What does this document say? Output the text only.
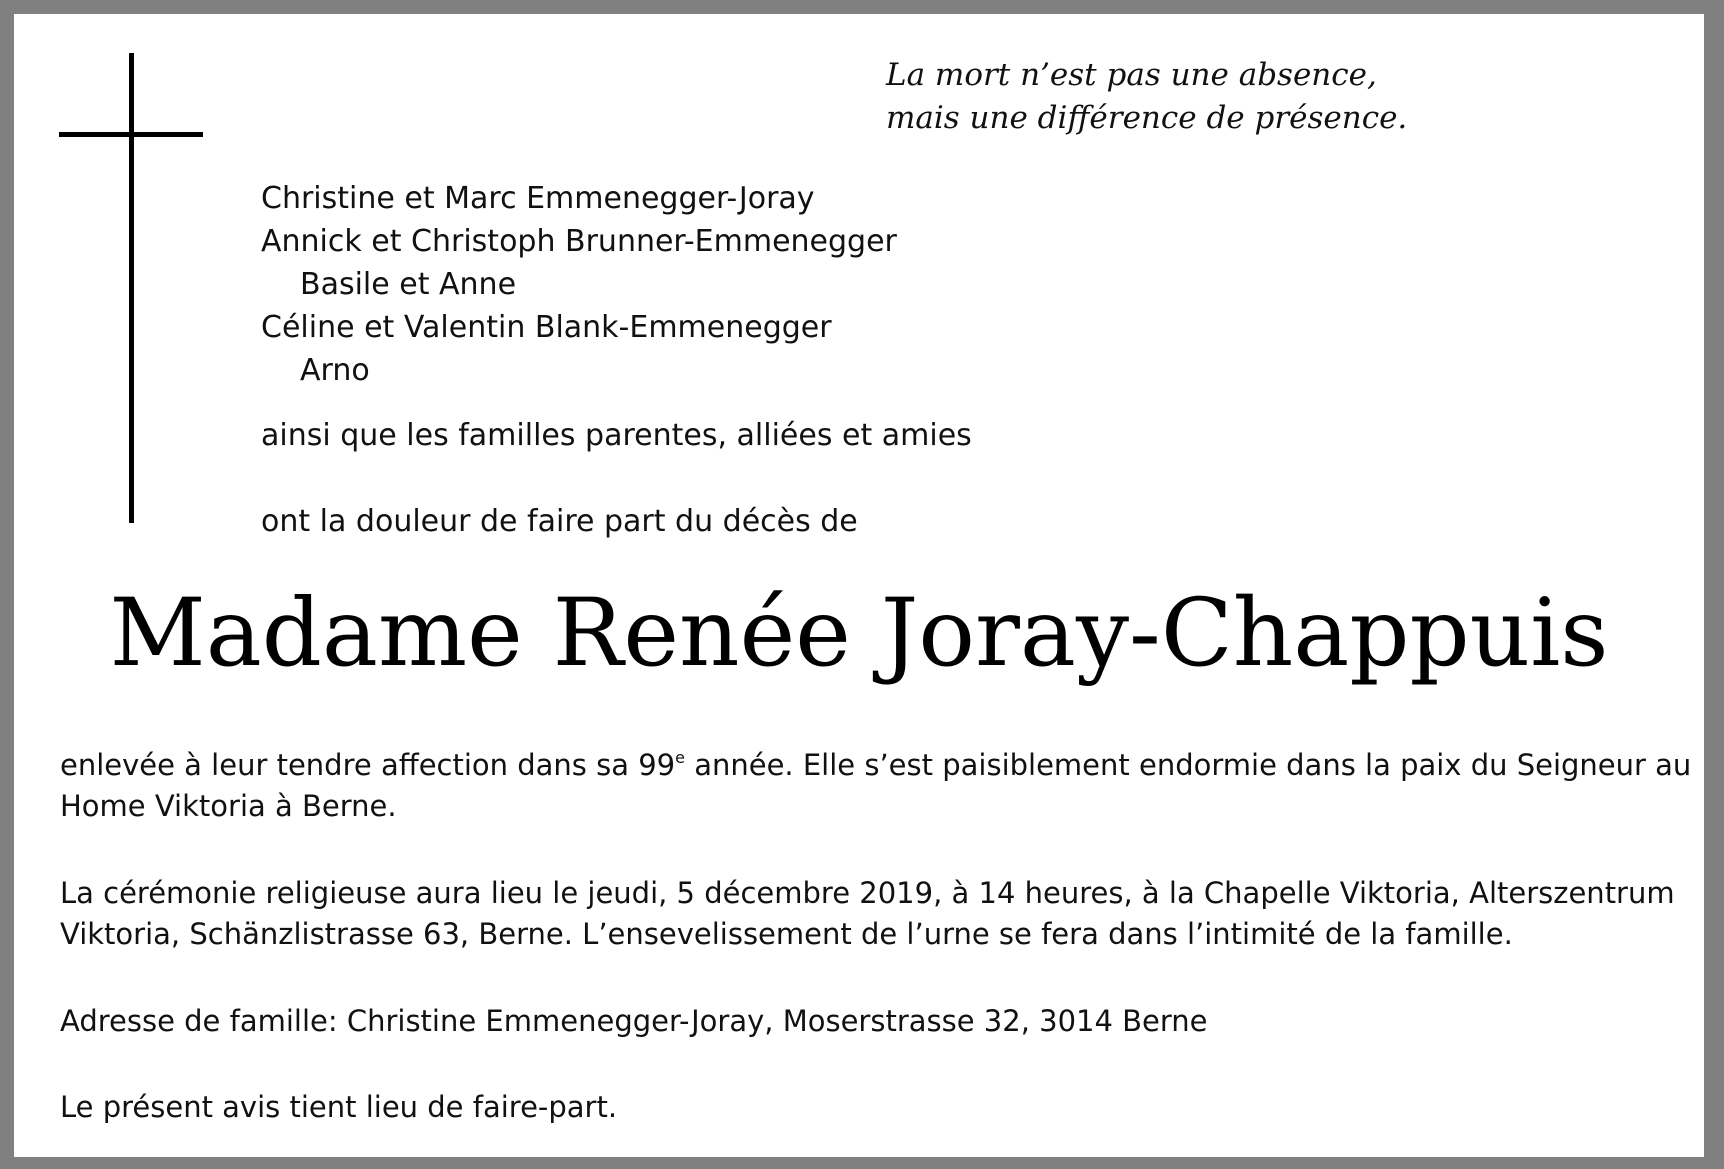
La mort n’est pas une absence,
mais une différence de présence.
Christine et Marc Emmenegger-Joray
Annick et Christoph Brunner-Emmenegger
Basile et Anne
Céline et Valentin Blank-Emmenegger
Arno
ainsi que les familles parentes, alliées et amies
ont la douleur de faire part du décès de
Madame Renée Joray-Chappuis
enlevée à leur tendre affection dans sa 99e année. Elle s’est paisiblement endormie dans la paix du Seigneur au
Home Viktoria à Berne.
La cérémonie religieuse aura lieu le jeudi, 5 décembre 2019, à 14 heures, à la Chapelle Viktoria, Alterszentrum
Viktoria, Schänzlistrasse 63, Berne. L’ensevelissement de l’urne se fera dans l’intimité de la famille.
Adresse de famille: Christine Emmenegger-Joray, Moserstrasse 32, 3014 Berne
Le présent avis tient lieu de faire-part.
